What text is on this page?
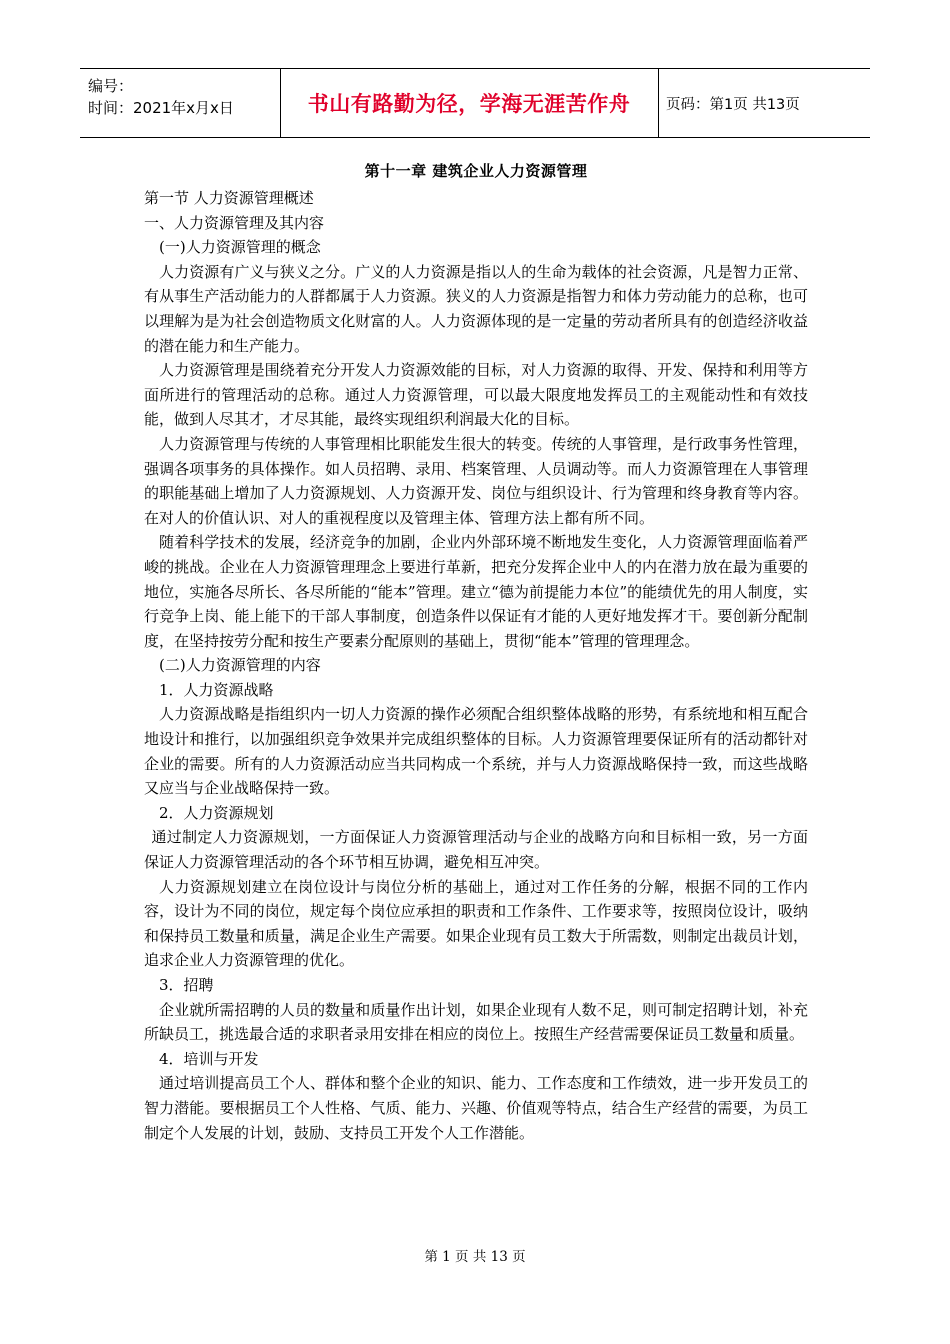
编号：
时间：2021年x月x日	书山有路勤为径，学海无涯苦作舟	页码：第1页 共13页
第十一章 建筑企业人力资源管理
第一节 人力资源管理概述
一、人力资源管理及其内容
(一)人力资源管理的概念

人力资源有广义与狭义之分。广义的人力资源是指以人的生命为载体的社会资源，凡是智力正常、有从事生产活动能力的人群都属于人力资源。狭义的人力资源是指智力和体力劳动能力的总称，也可以理解为是为社会创造物质文化财富的人。人力资源体现的是一定量的劳动者所具有的创造经济收益的潜在能力和生产能力。

人力资源管理是围绕着充分开发人力资源效能的目标，对人力资源的取得、开发、保持和利用等方面所进行的管理活动的总称。通过人力资源管理，可以最大限度地发挥员工的主观能动性和有效技能，做到人尽其才，才尽其能，最终实现组织利润最大化的目标。

人力资源管理与传统的人事管理相比职能发生很大的转变。传统的人事管理，是行政事务性管理，强调各项事务的具体操作。如人员招聘、录用、档案管理、人员调动等。而人力资源管理在人事管理的职能基础上增加了人力资源规划、人力资源开发、岗位与组织设计、行为管理和终身教育等内容。在对人的价值认识、对人的重视程度以及管理主体、管理方法上都有所不同。

随着科学技术的发展，经济竞争的加剧，企业内外部环境不断地发生变化，人力资源管理面临着严峻的挑战。企业在人力资源管理理念上要进行革新，把充分发挥企业中人的内在潜力放在最为重要的地位，实施各尽所长、各尽所能的“能本”管理。建立“德为前提能力本位”的能绩优先的用人制度，实行竞争上岗、能上能下的干部人事制度，创造条件以保证有才能的人更好地发挥才干。要创新分配制度，在坚持按劳分配和按生产要素分配原则的基础上，贯彻“能本”管理的管理理念。

(二)人力资源管理的内容
1．人力资源战略

人力资源战略是指组织内一切人力资源的操作必须配合组织整体战略的形势，有系统地和相互配合地设计和推行，以加强组织竞争效果并完成组织整体的目标。人力资源管理要保证所有的活动都针对企业的需要。所有的人力资源活动应当共同构成一个系统，并与人力资源战略保持一致，而这些战略又应当与企业战略保持一致。

2．人力资源规划

通过制定人力资源规划，一方面保证人力资源管理活动与企业的战略方向和目标相一致，另一方面保证人力资源管理活动的各个环节相互协调，避免相互冲突。

人力资源规划建立在岗位设计与岗位分析的基础上，通过对工作任务的分解，根据不同的工作内容，设计为不同的岗位，规定每个岗位应承担的职责和工作条件、工作要求等，按照岗位设计，吸纳和保持员工数量和质量，满足企业生产需要。如果企业现有员工数大于所需数，则制定出裁员计划，追求企业人力资源管理的优化。

3．招聘

企业就所需招聘的人员的数量和质量作出计划，如果企业现有人数不足，则可制定招聘计划，补充所缺员工，挑选最合适的求职者录用安排在相应的岗位上。按照生产经营需要保证员工数量和质量。

4．培训与开发

通过培训提高员工个人、群体和整个企业的知识、能力、工作态度和工作绩效，进一步开发员工的智力潜能。要根据员工个人性格、气质、能力、兴趣、价值观等特点，结合生产经营的需要，为员工制定个人发展的计划，鼓励、支持员工开发个人工作潜能。

第 1 页 共 13 页
